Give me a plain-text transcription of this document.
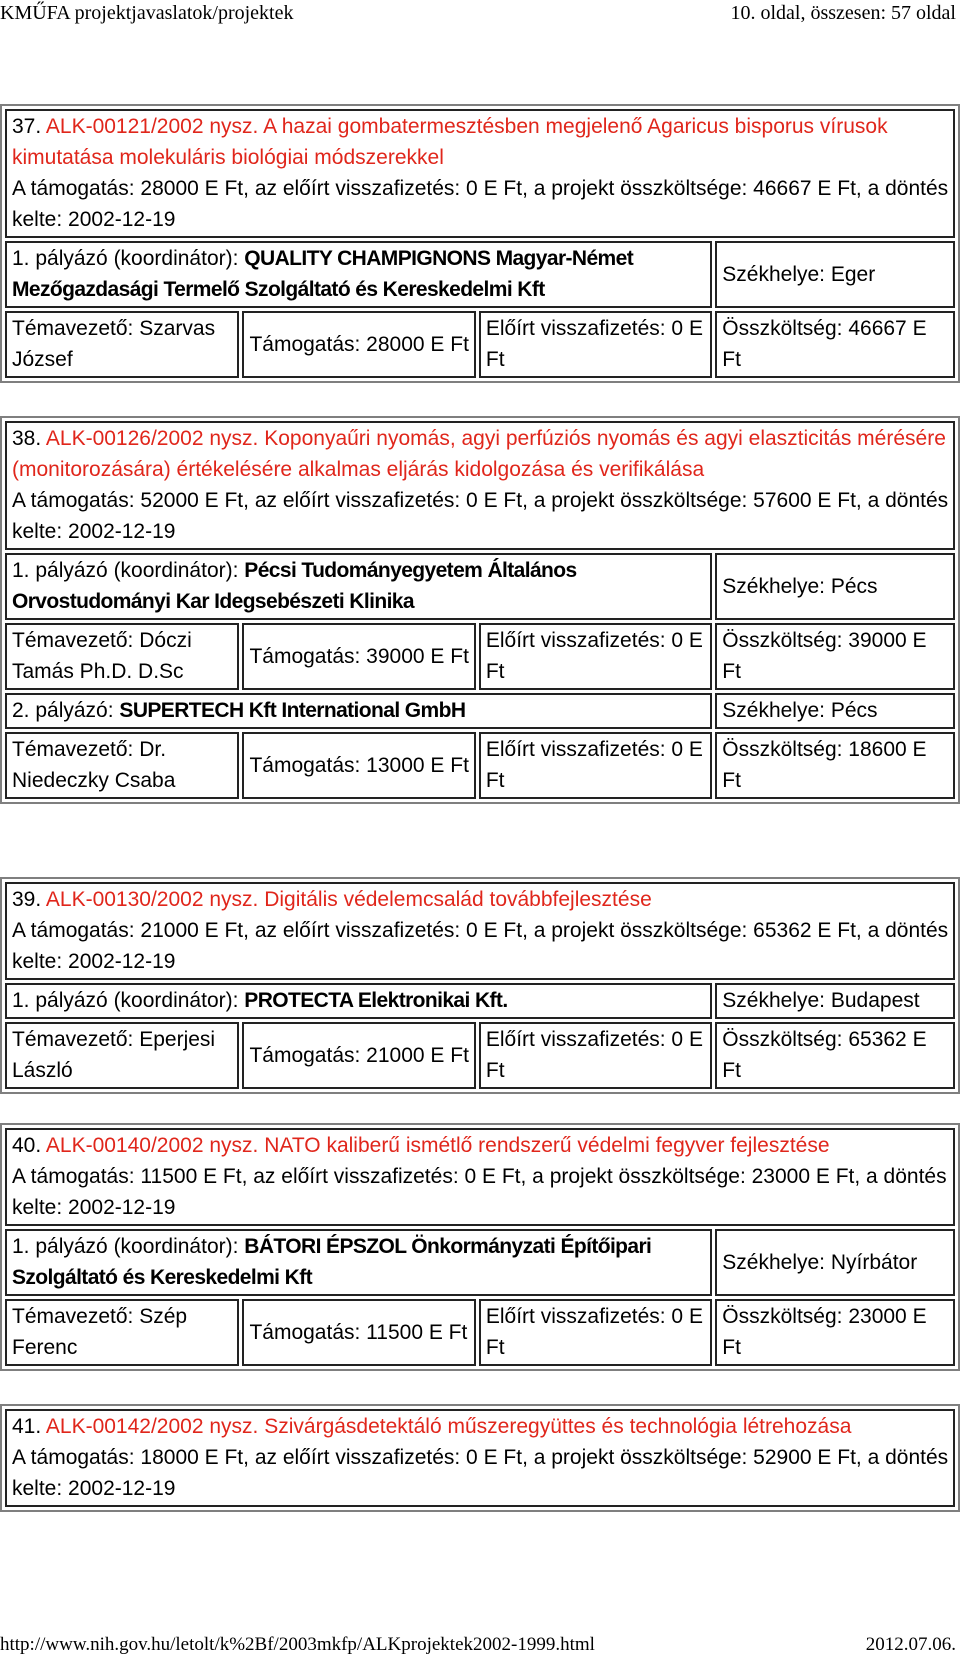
KMŰFA projektjavaslatok/projektek	10. oldal, összesen: 57 oldal
37. ALK-00121/2002 nysz. A hazai gombatermesztésben megjelenő Agaricus bisporus vírusok kimutatása molekuláris biológiai módszerekkel
A támogatás: 28000 E Ft, az előírt visszafizetés: 0 E Ft, a projekt összköltsége: 46667 E Ft, a döntés kelte: 2002-12-19			
1. pályázó (koordinátor): QUALITY CHAMPIGNONS Magyar-Német Mezőgazdasági Termelő Szolgáltató és Kereskedelmi Kft			Székhelye: Eger
Témavezető: Szarvas József	Támogatás: 28000 E Ft	Előírt visszafizetés: 0 E Ft	Összköltség: 46667 E Ft
38. ALK-00126/2002 nysz. Koponyaűri nyomás, agyi perfúziós nyomás és agyi elaszticitás mérésére (monitorozására) értékelésére alkalmas eljárás kidolgozása és verifikálása
A támogatás: 52000 E Ft, az előírt visszafizetés: 0 E Ft, a projekt összköltsége: 57600 E Ft, a döntés kelte: 2002-12-19			
1. pályázó (koordinátor): Pécsi Tudományegyetem Általános Orvostudományi Kar Idegsebészeti Klinika			Székhelye: Pécs
Témavezető: Dóczi Tamás Ph.D. D.Sc	Támogatás: 39000 E Ft	Előírt visszafizetés: 0 E Ft	Összköltség: 39000 E Ft
2. pályázó: SUPERTECH Kft International GmbH			Székhelye: Pécs
Témavezető: Dr. Niedeczky Csaba	Támogatás: 13000 E Ft	Előírt visszafizetés: 0 E Ft	Összköltség: 18600 E Ft
39. ALK-00130/2002 nysz. Digitális védelemcsalád továbbfejlesztése
A támogatás: 21000 E Ft, az előírt visszafizetés: 0 E Ft, a projekt összköltsége: 65362 E Ft, a döntés kelte: 2002-12-19			
1. pályázó (koordinátor): PROTECTA Elektronikai Kft.			Székhelye: Budapest
Témavezető: Eperjesi László	Támogatás: 21000 E Ft	Előírt visszafizetés: 0 E Ft	Összköltség: 65362 E Ft
40. ALK-00140/2002 nysz. NATO kaliberű ismétlő rendszerű védelmi fegyver fejlesztése
A támogatás: 11500 E Ft, az előírt visszafizetés: 0 E Ft, a projekt összköltsége: 23000 E Ft, a döntés kelte: 2002-12-19			
1. pályázó (koordinátor): BÁTORI ÉPSZOL Önkormányzati Építőipari Szolgáltató és Kereskedelmi Kft			Székhelye: Nyírbátor
Témavezető: Szép Ferenc	Támogatás: 11500 E Ft	Előírt visszafizetés: 0 E Ft	Összköltség: 23000 E Ft
41. ALK-00142/2002 nysz. Szivárgásdetektáló műszeregyüttes és technológia létrehozása
A támogatás: 18000 E Ft, az előírt visszafizetés: 0 E Ft, a projekt összköltsége: 52900 E Ft, a döntés kelte: 2002-12-19
http://www.nih.gov.hu/letolt/k%2Bf/2003mkfp/ALKprojektek2002-1999.html	2012.07.06.
